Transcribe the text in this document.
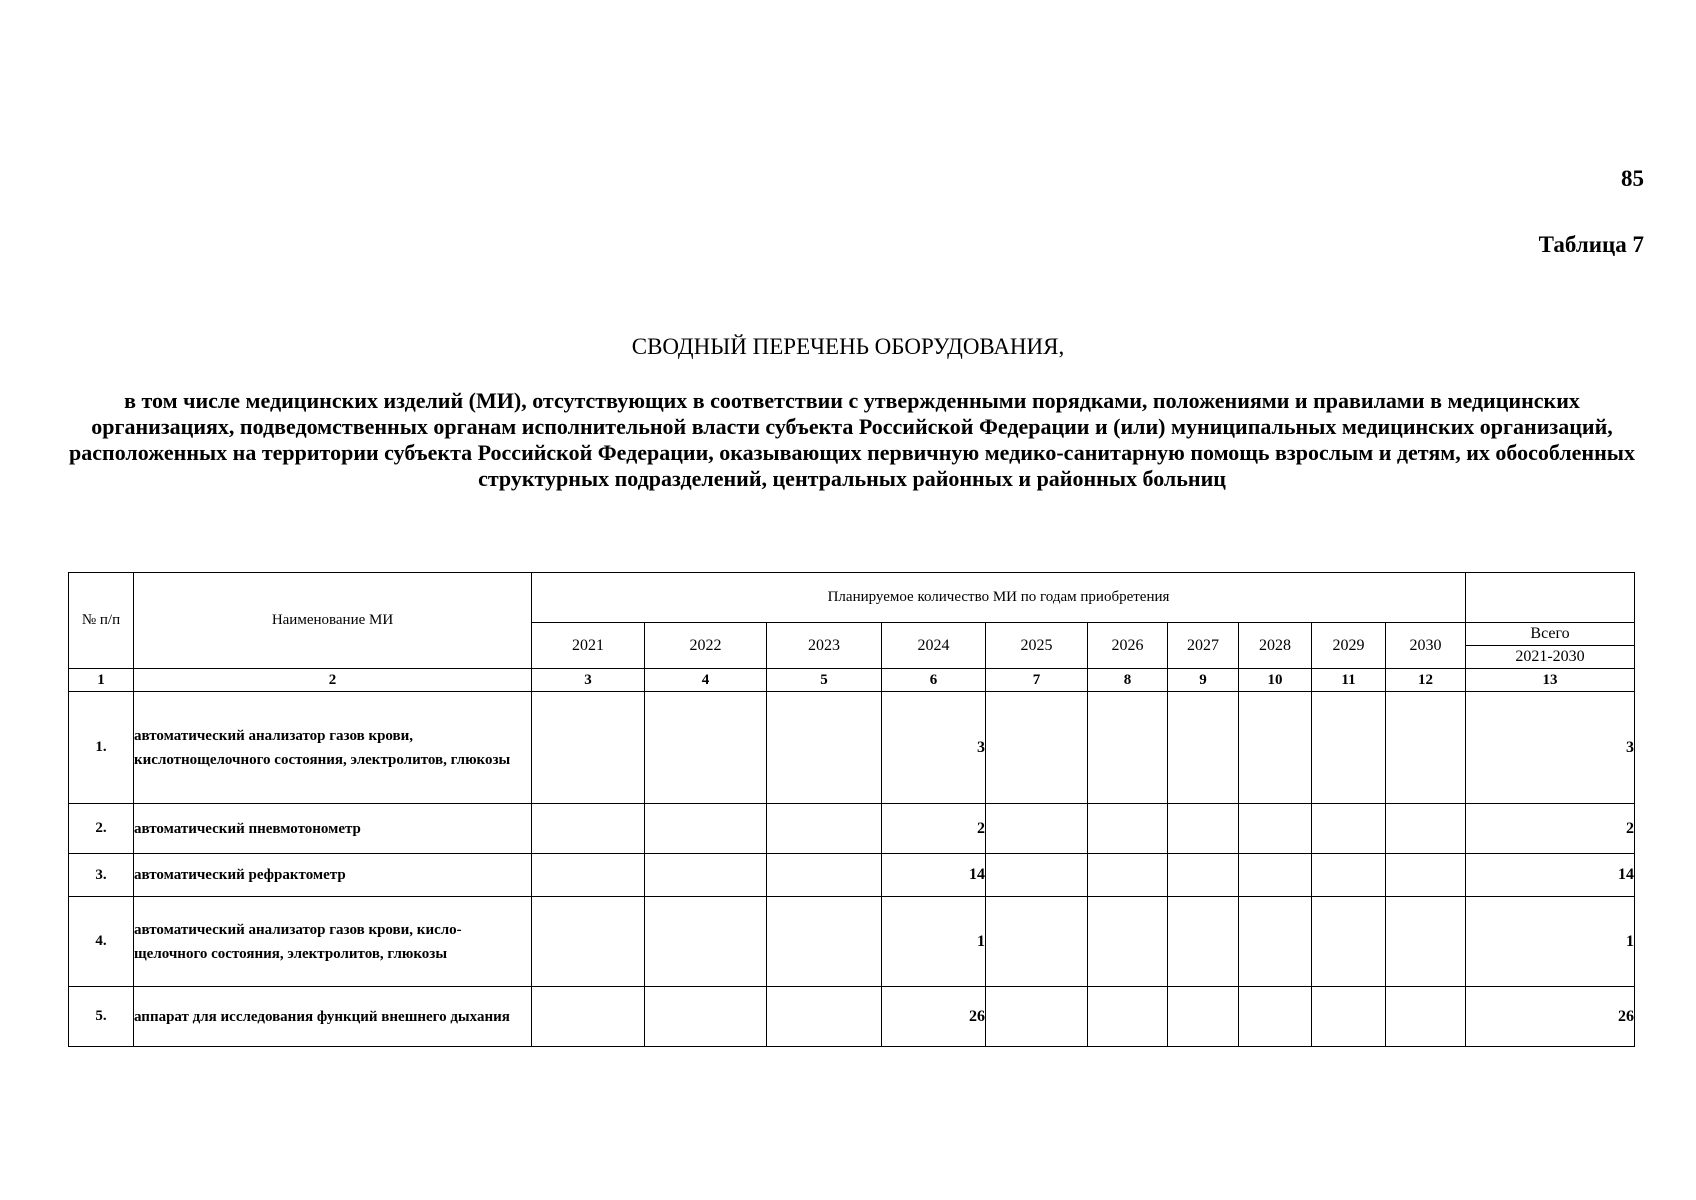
85
Таблица 7
СВОДНЫЙ ПЕРЕЧЕНЬ ОБОРУДОВАНИЯ,
в том числе медицинских изделий (МИ), отсутствующих в соответствии с утвержденными порядками, положениями и правилами в медицинских организациях, подведомственных органам исполнительной власти субъекта Российской Федерации и (или) муниципальных медицинских организаций, расположенных на территории субъекта Российской Федерации, оказывающих первичную медико-санитарную помощь взрослым и детям, их обособленных структурных подразделений, центральных районных и районных больниц
№ п/п	Наименование МИ	Планируемое количество МИ по годам приобретения										
		2021	2022	2023	2024	2025	2026	2027	2028	2029	2030	Всего
2021-2030

1	2	3	4	5	6	7	8	9	10	11	12	13
1.	автоматический анализатор газов крови, кислотнощелочного состояния, электролитов, глюкозы				3							3
2.	автоматический пневмотонометр				2							2
3.	автоматический рефрактометр				14							14
4.	автоматический анализатор газов крови, кисло-щелочного состояния, электролитов, глюкозы				1							1
5.	аппарат для исследования функций внешнего дыхания				26							26
